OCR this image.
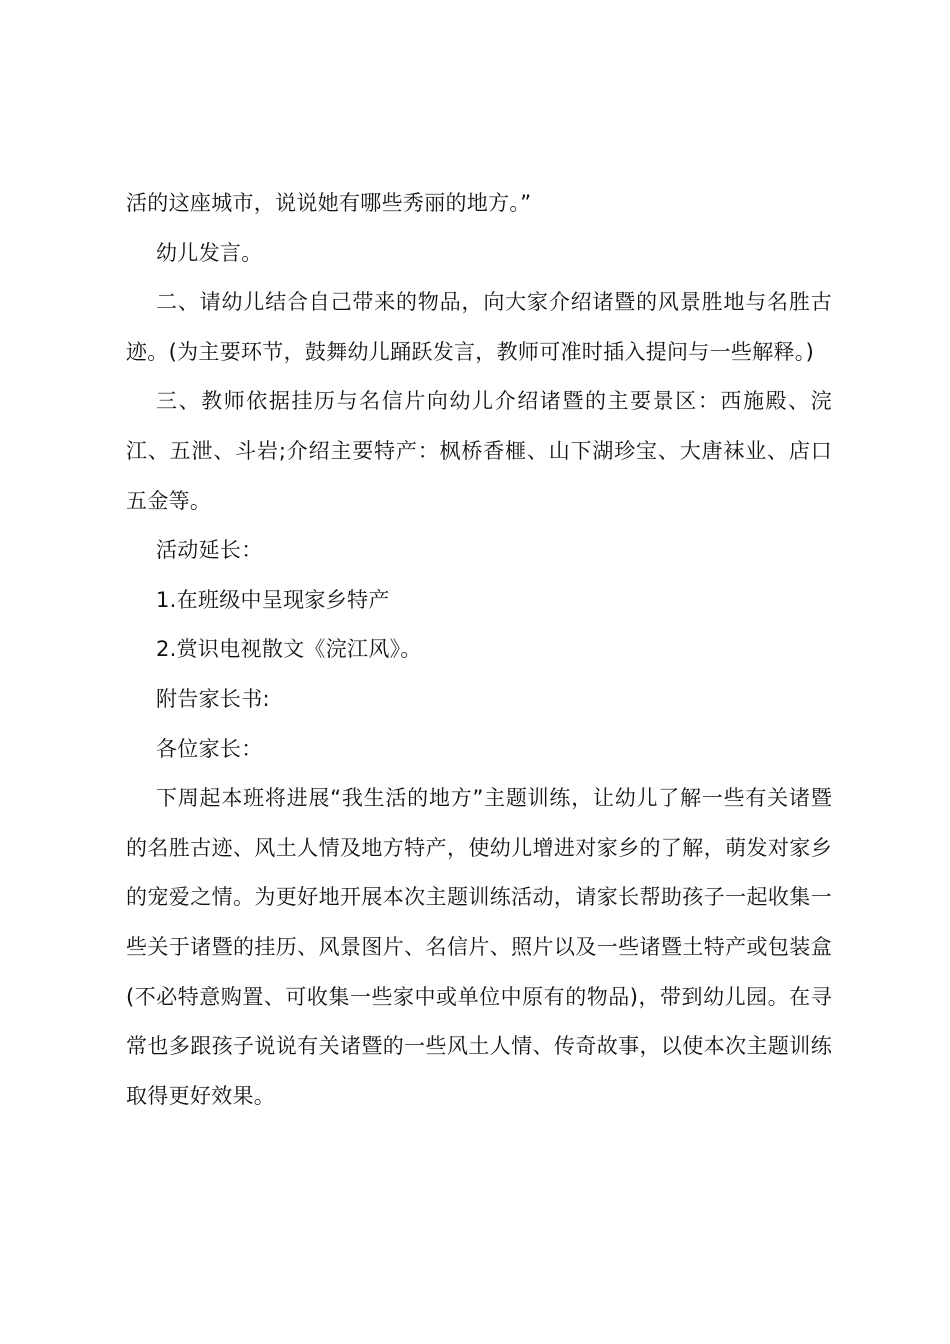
活的这座城市，说说她有哪些秀丽的地方。”

幼儿发言。

二、请幼儿结合自己带来的物品，向大家介绍诸暨的风景胜地与名胜古迹。(为主要环节，鼓舞幼儿踊跃发言，教师可准时插入提问与一些解释。)

三、教师依据挂历与名信片向幼儿介绍诸暨的主要景区：西施殿、浣江、五泄、斗岩;介绍主要特产：枫桥香榧、山下湖珍宝、大唐袜业、店口五金等。

活动延长：

1.在班级中呈现家乡特产

2.赏识电视散文《浣江风》。

附告家长书:

各位家长：

下周起本班将进展“我生活的地方”主题训练，让幼儿了解一些有关诸暨的名胜古迹、风土人情及地方特产，使幼儿增进对家乡的了解，萌发对家乡的宠爱之情。为更好地开展本次主题训练活动，请家长帮助孩子一起收集一些关于诸暨的挂历、风景图片、名信片、照片以及一些诸暨土特产或包装盒(不必特意购置、可收集一些家中或单位中原有的物品)，带到幼儿园。在寻常也多跟孩子说说有关诸暨的一些风土人情、传奇故事，以使本次主题训练取得更好效果。
